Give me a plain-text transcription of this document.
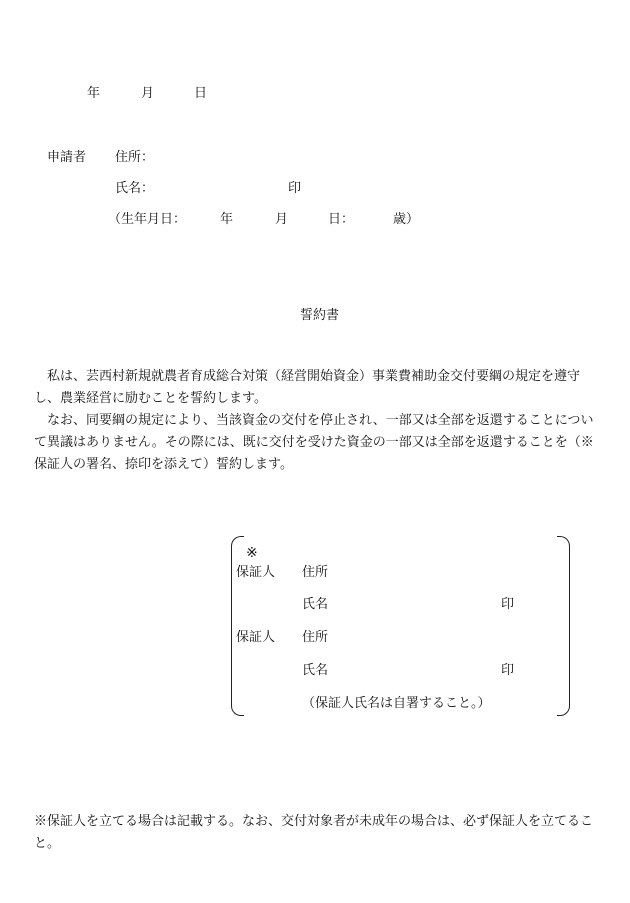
年	月	日
申請者 住所：
氏名：	印
（生年月日：	年	月	日：	歳）
誓約書
私は、芸西村新規就農者育成総合対策（経営開始資金）事業費補助金交付要綱の規定を遵守し、農業経営に励むことを誓約します。
なお、同要綱の規定により、当該資金の交付を停止され、一部又は全部を返還することについて異議はありません。その際には、既に交付を受けた資金の一部又は全部を返還することを（※保証人の署名、捺印を添えて）誓約します。
※
保証人 住所
氏名	印
保証人 住所
氏名	印
（保証人氏名は自署すること。）
※保証人を立てる場合は記載する。なお、交付対象者が未成年の場合は、必ず保証人を立てること。
